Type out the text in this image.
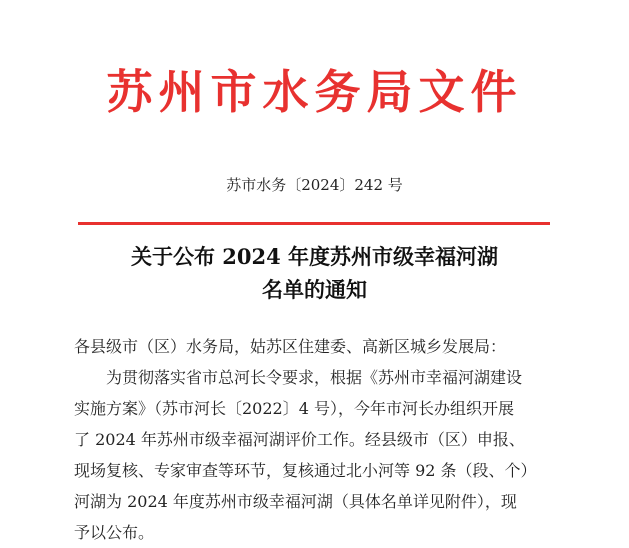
苏州市水务局文件
苏市水务〔2024〕242 号
关于公布 2024 年度苏州市级幸福河湖
名单的通知
各县级市（区）水务局，姑苏区住建委、高新区城乡发展局：
　　为贯彻落实省市总河长令要求，根据《苏州市幸福河湖建设
实施方案》（苏市河长〔2022〕4 号），今年市河长办组织开展
了 2024 年苏州市级幸福河湖评价工作。经县级市（区）申报、
现场复核、专家审查等环节，复核通过北小河等 92 条（段、个）
河湖为 2024 年度苏州市级幸福河湖（具体名单详见附件），现
予以公布。
